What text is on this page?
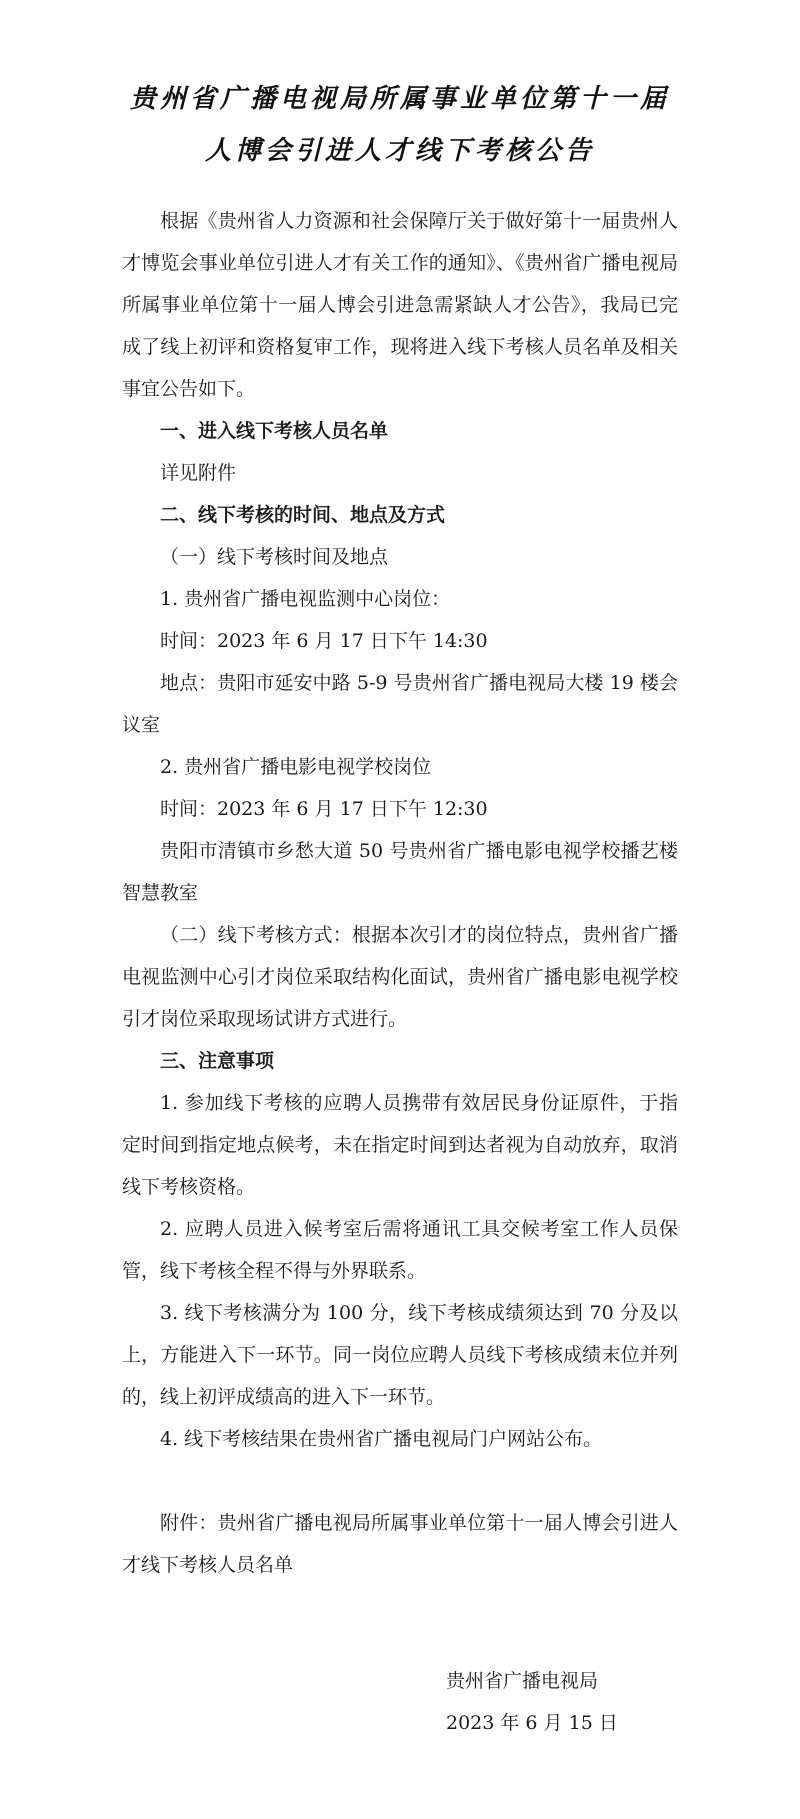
贵州省广播电视局所属事业单位第十一届
人博会引进人才线下考核公告

根据《贵州省人力资源和社会保障厅关于做好第十一届贵州人才博览会事业单位引进人才有关工作的通知》、《贵州省广播电视局所属事业单位第十一届人博会引进急需紧缺人才公告》，我局已完成了线上初评和资格复审工作，现将进入线下考核人员名单及相关事宜公告如下。

一、进入线下考核人员名单

详见附件

二、线下考核的时间、地点及方式

（一）线下考核时间及地点

1. 贵州省广播电视监测中心岗位：

时间：2023 年 6 月 17 日下午 14:30

地点：贵阳市延安中路 5-9 号贵州省广播电视局大楼 19 楼会议室

2. 贵州省广播电影电视学校岗位

时间：2023 年 6 月 17 日下午 12:30

贵阳市清镇市乡愁大道 50 号贵州省广播电影电视学校播艺楼智慧教室

（二）线下考核方式：根据本次引才的岗位特点，贵州省广播电视监测中心引才岗位采取结构化面试，贵州省广播电影电视学校引才岗位采取现场试讲方式进行。

三、注意事项

1. 参加线下考核的应聘人员携带有效居民身份证原件，于指定时间到指定地点候考，未在指定时间到达者视为自动放弃，取消线下考核资格。

2. 应聘人员进入候考室后需将通讯工具交候考室工作人员保管，线下考核全程不得与外界联系。

3. 线下考核满分为 100 分，线下考核成绩须达到 70 分及以上，方能进入下一环节。同一岗位应聘人员线下考核成绩末位并列的，线上初评成绩高的进入下一环节。

4. 线下考核结果在贵州省广播电视局门户网站公布。

附件：贵州省广播电视局所属事业单位第十一届人博会引进人才线下考核人员名单

贵州省广播电视局
2023 年 6 月 15 日
